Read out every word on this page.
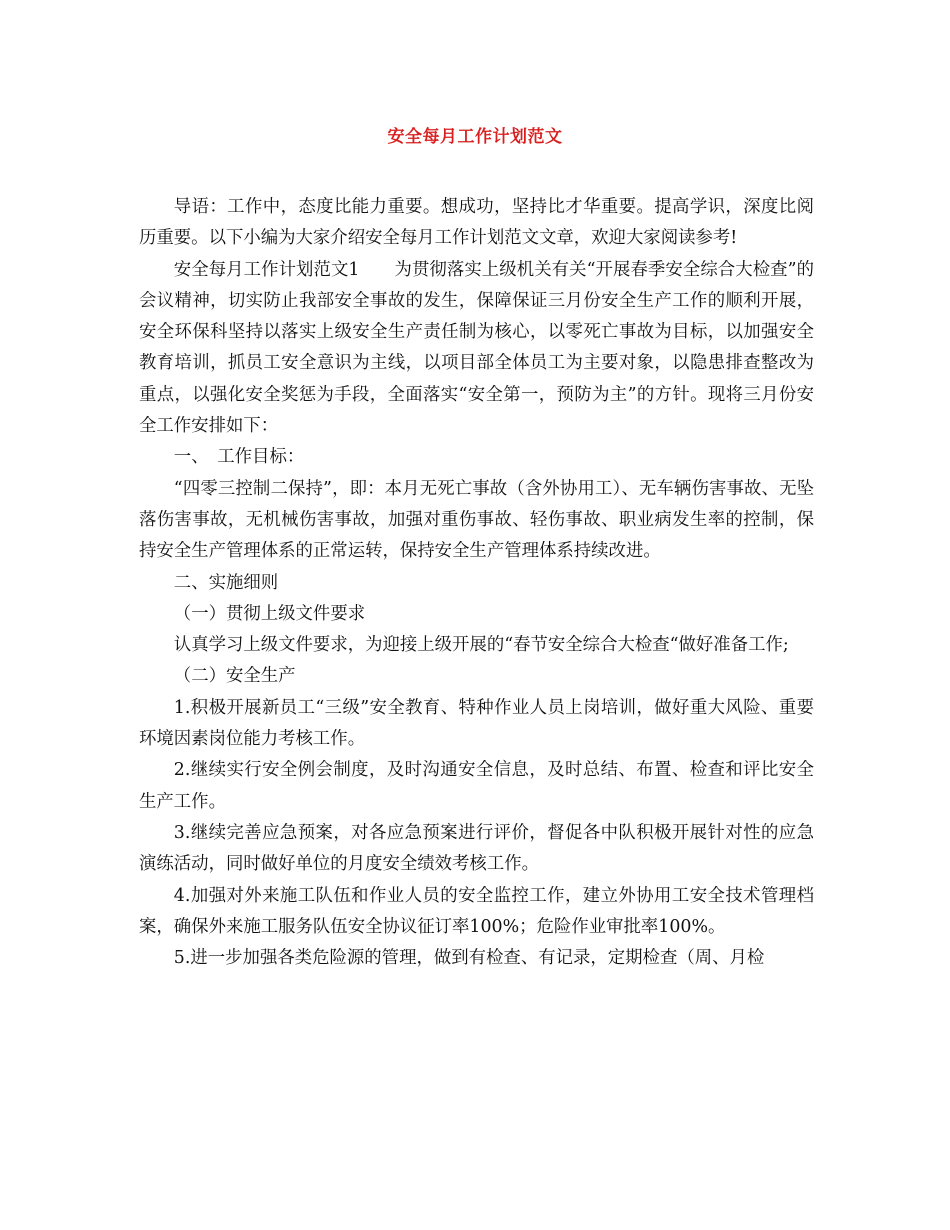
安全每月工作计划范文

导语：工作中，态度比能力重要。想成功，坚持比才华重要。提高学识，深度比阅历重要。以下小编为大家介绍安全每月工作计划范文文章，欢迎大家阅读参考!

安全每月工作计划范文1　　为贯彻落实上级机关有关“开展春季安全综合大检查”的会议精神，切实防止我部安全事故的发生，保障保证三月份安全生产工作的顺利开展，安全环保科坚持以落实上级安全生产责任制为核心，以零死亡事故为目标，以加强安全教育培训，抓员工安全意识为主线，以项目部全体员工为主要对象，以隐患排查整改为重点，以强化安全奖惩为手段，全面落实“安全第一，预防为主”的方针。现将三月份安全工作安排如下：

一、　工作目标：

“四零三控制二保持”，即：本月无死亡事故（含外协用工）、无车辆伤害事故、无坠落伤害事故，无机械伤害事故，加强对重伤事故、轻伤事故、职业病发生率的控制，保持安全生产管理体系的正常运转，保持安全生产管理体系持续改进。

二、实施细则

（一）贯彻上级文件要求

认真学习上级文件要求，为迎接上级开展的“春节安全综合大检查“做好准备工作;

（二）安全生产

1.积极开展新员工“三级”安全教育、特种作业人员上岗培训，做好重大风险、重要环境因素岗位能力考核工作。

2.继续实行安全例会制度，及时沟通安全信息，及时总结、布置、检查和评比安全生产工作。

3.继续完善应急预案，对各应急预案进行评价，督促各中队积极开展针对性的应急演练活动，同时做好单位的月度安全绩效考核工作。

4.加强对外来施工队伍和作业人员的安全监控工作，建立外协用工安全技术管理档案，确保外来施工服务队伍安全协议征订率100%；危险作业审批率100%。

5.进一步加强各类危险源的管理，做到有检查、有记录，定期检查（周、月检
